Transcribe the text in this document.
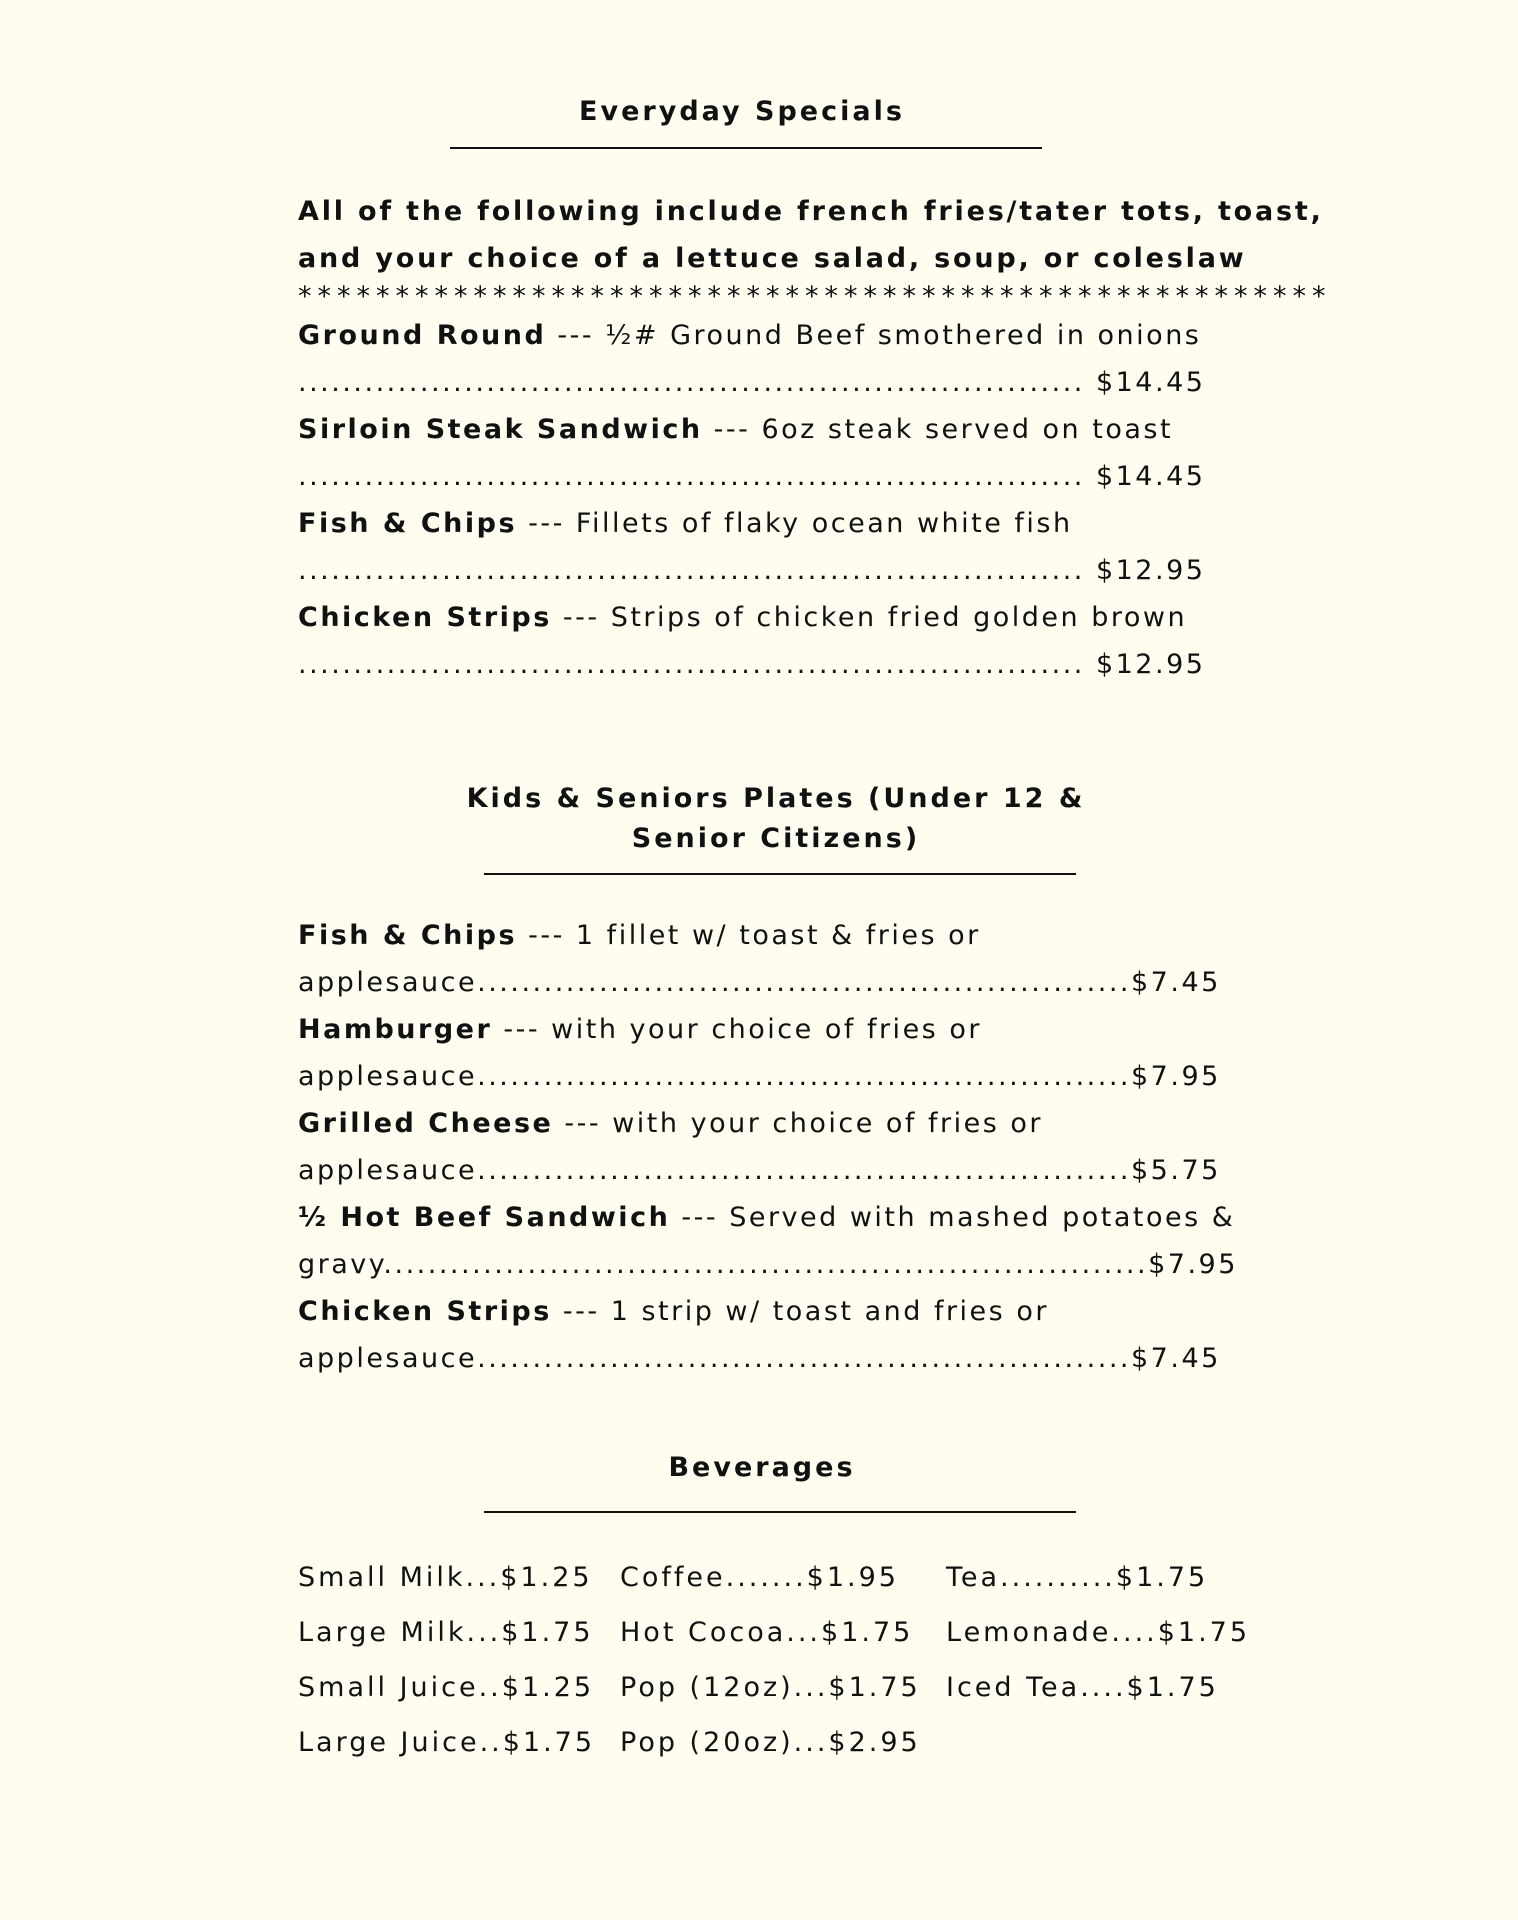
Everyday Specials
All of the following include french fries/tater tots, toast,
and your choice of a lettuce salad, soup, or coleslaw
*****************************************************
Ground Round --- ½# Ground Beef smothered in onions
....................................................................... $14.45
Sirloin Steak Sandwich --- 6oz steak served on toast
....................................................................... $14.45
Fish & Chips --- Fillets of flaky ocean white fish
....................................................................... $12.95
Chicken Strips --- Strips of chicken fried golden brown
....................................................................... $12.95
Kids & Seniors Plates (Under 12 &
Senior Citizens)
Fish & Chips --- 1 fillet w/ toast & fries or
applesauce...........................................................$7.45
Hamburger --- with your choice of fries or
applesauce...........................................................$7.95
Grilled Cheese --- with your choice of fries or
applesauce...........................................................$5.75
½ Hot Beef Sandwich --- Served with mashed potatoes &
gravy.....................................................................$7.95
Chicken Strips --- 1 strip w/ toast and fries or
applesauce...........................................................$7.45
Beverages
Small Milk...$1.25
Large Milk...$1.75
Small Juice..$1.25
Large Juice..$1.75
Coffee.......$1.95
Hot Cocoa...$1.75
Pop (12oz)...$1.75
Pop (20oz)...$2.95
Tea..........$1.75
Lemonade....$1.75
Iced Tea....$1.75
